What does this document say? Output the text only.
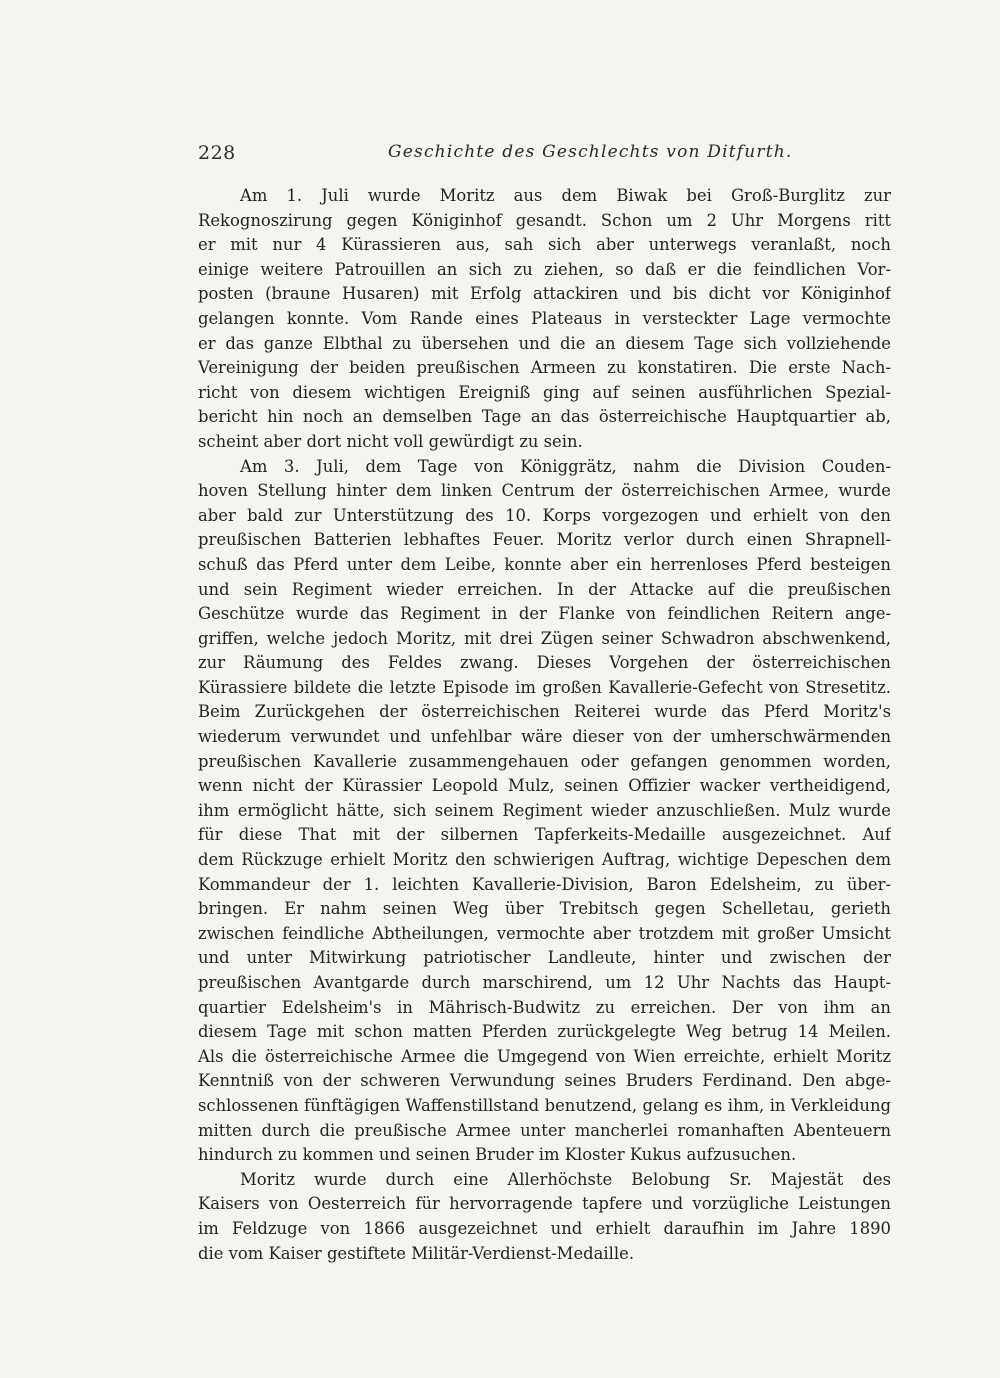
228	Geschichte des Geschlechts von Ditfurth.
Am 1. Juli wurde Moritz aus dem Biwak bei Groß-Burglitz zur
Rekognoszirung gegen Königinhof gesandt. Schon um 2 Uhr Morgens ritt
er mit nur 4 Kürassieren aus, sah sich aber unterwegs veranlaßt, noch
einige weitere Patrouillen an sich zu ziehen, so daß er die feindlichen Vor-
posten (braune Husaren) mit Erfolg attackiren und bis dicht vor Königinhof
gelangen konnte. Vom Rande eines Plateaus in versteckter Lage vermochte
er das ganze Elbthal zu übersehen und die an diesem Tage sich vollziehende
Vereinigung der beiden preußischen Armeen zu konstatiren. Die erste Nach-
richt von diesem wichtigen Ereigniß ging auf seinen ausführlichen Spezial-
bericht hin noch an demselben Tage an das österreichische Hauptquartier ab,
scheint aber dort nicht voll gewürdigt zu sein.
Am 3. Juli, dem Tage von Königgrätz, nahm die Division Couden-
hoven Stellung hinter dem linken Centrum der österreichischen Armee, wurde
aber bald zur Unterstützung des 10. Korps vorgezogen und erhielt von den
preußischen Batterien lebhaftes Feuer. Moritz verlor durch einen Shrapnell-
schuß das Pferd unter dem Leibe, konnte aber ein herrenloses Pferd besteigen
und sein Regiment wieder erreichen. In der Attacke auf die preußischen
Geschütze wurde das Regiment in der Flanke von feindlichen Reitern ange-
griffen, welche jedoch Moritz, mit drei Zügen seiner Schwadron abschwenkend,
zur Räumung des Feldes zwang. Dieses Vorgehen der österreichischen
Kürassiere bildete die letzte Episode im großen Kavallerie-Gefecht von Stresetitz.
Beim Zurückgehen der österreichischen Reiterei wurde das Pferd Moritz's
wiederum verwundet und unfehlbar wäre dieser von der umherschwärmenden
preußischen Kavallerie zusammengehauen oder gefangen genommen worden,
wenn nicht der Kürassier Leopold Mulz, seinen Offizier wacker vertheidigend,
ihm ermöglicht hätte, sich seinem Regiment wieder anzuschließen. Mulz wurde
für diese That mit der silbernen Tapferkeits-Medaille ausgezeichnet. Auf
dem Rückzuge erhielt Moritz den schwierigen Auftrag, wichtige Depeschen dem
Kommandeur der 1. leichten Kavallerie-Division, Baron Edelsheim, zu über-
bringen. Er nahm seinen Weg über Trebitsch gegen Schelletau, gerieth
zwischen feindliche Abtheilungen, vermochte aber trotzdem mit großer Umsicht
und unter Mitwirkung patriotischer Landleute, hinter und zwischen der
preußischen Avantgarde durch marschirend, um 12 Uhr Nachts das Haupt-
quartier Edelsheim's in Mährisch-Budwitz zu erreichen. Der von ihm an
diesem Tage mit schon matten Pferden zurückgelegte Weg betrug 14 Meilen.
Als die österreichische Armee die Umgegend von Wien erreichte, erhielt Moritz
Kenntniß von der schweren Verwundung seines Bruders Ferdinand. Den abge-
schlossenen fünftägigen Waffenstillstand benutzend, gelang es ihm, in Verkleidung
mitten durch die preußische Armee unter mancherlei romanhaften Abenteuern
hindurch zu kommen und seinen Bruder im Kloster Kukus aufzusuchen.
Moritz wurde durch eine Allerhöchste Belobung Sr. Majestät des
Kaisers von Oesterreich für hervorragende tapfere und vorzügliche Leistungen
im Feldzuge von 1866 ausgezeichnet und erhielt daraufhin im Jahre 1890
die vom Kaiser gestiftete Militär-Verdienst-Medaille.
